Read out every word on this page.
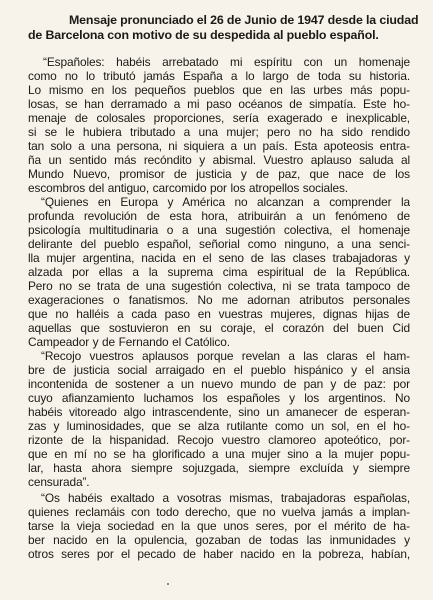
Mensaje pronunciado el 26 de Junio de 1947 desde la ciudad
de Barcelona con motivo de su despedida al pueblo español.
“Españoles: habéis arrebatado mi espíritu con un homenaje
como no lo tributó jamás España a lo largo de toda su historia.
Lo mismo en los pequeños pueblos que en las urbes más popu-
losas, se han derramado a mi paso océanos de simpatía. Este ho-
menaje de colosales proporciones, sería exagerado e inexplicable,
si se le hubiera tributado a una mujer; pero no ha sido rendido
tan solo a una persona, ni siquiera a un país. Esta apoteosis entra-
ña un sentido más recóndito y abismal. Vuestro aplauso saluda al
Mundo Nuevo, promisor de justicia y de paz, que nace de los
escombros del antiguo, carcomido por los atropellos sociales.
“Quienes en Europa y América no alcanzan a comprender la
profunda revolución de esta hora, atribuirán a un fenómeno de
psicología multitudinaria o a una sugestión colectiva, el homenaje
delirante del pueblo español, señorial como ninguno, a una senci-
lla mujer argentina, nacida en el seno de las clases trabajadoras y
alzada por ellas a la suprema cima espiritual de la República.
Pero no se trata de una sugestión colectiva, ni se trata tampoco de
exageraciones o fanatismos. No me adornan atributos personales
que no halléis a cada paso en vuestras mujeres, dignas hijas de
aquellas que sostuvieron en su coraje, el corazón del buen Cid
Campeador y de Fernando el Católico.
“Recojo vuestros aplausos porque revelan a las claras el ham-
bre de justicia social arraigado en el pueblo hispánico y el ansia
incontenida de sostener a un nuevo mundo de pan y de paz: por
cuyo afianzamiento luchamos los españoles y los argentinos. No
habéis vitoreado algo intrascendente, sino un amanecer de esperan-
zas y luminosidades, que se alza rutilante como un sol, en el ho-
rizonte de la hispanidad. Recojo vuestro clamoreo apoteótico, por-
que en mí no se ha glorificado a una mujer sino a la mujer popu-
lar, hasta ahora siempre sojuzgada, siempre excluída y siempre
censurada”.
“Os habéis exaltado a vosotras mismas, trabajadoras españolas,
quienes reclamáis con todo derecho, que no vuelva jamás a implan-
tarse la vieja sociedad en la que unos seres, por el mérito de ha-
ber nacido en la opulencia, gozaban de todas las inmunidades y
otros seres por el pecado de haber nacido en la pobreza, habían,
